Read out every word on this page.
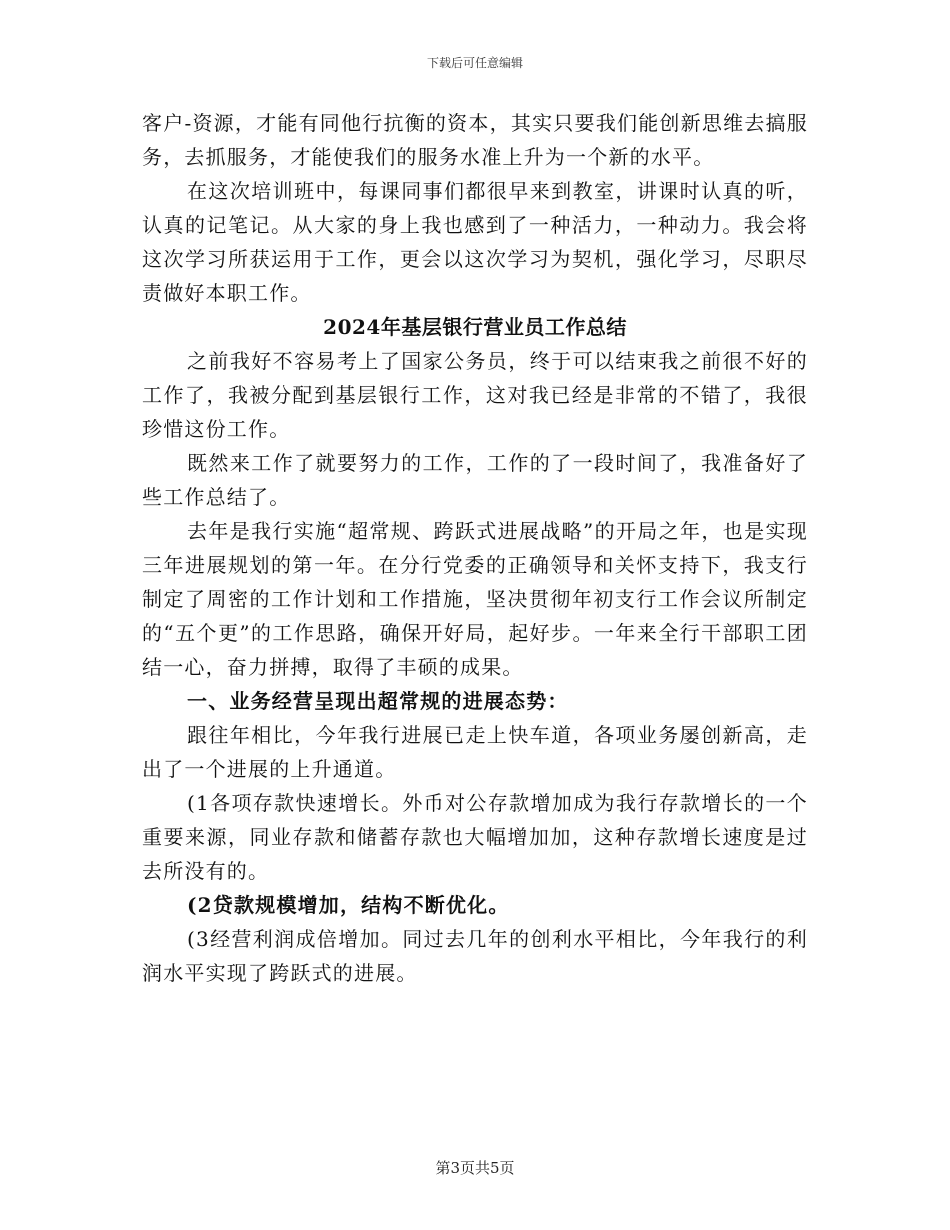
下载后可任意编辑

客户-资源，才能有同他行抗衡的资本，其实只要我们能创新思维去搞服务，去抓服务，才能使我们的服务水准上升为一个新的水平。

在这次培训班中，每课同事们都很早来到教室，讲课时认真的听，认真的记笔记。从大家的身上我也感到了一种活力，一种动力。我会将这次学习所获运用于工作，更会以这次学习为契机，强化学习，尽职尽责做好本职工作。

2024年基层银行营业员工作总结

之前我好不容易考上了国家公务员，终于可以结束我之前很不好的工作了，我被分配到基层银行工作，这对我已经是非常的不错了，我很珍惜这份工作。

既然来工作了就要努力的工作，工作的了一段时间了，我准备好了些工作总结了。

去年是我行实施“超常规、跨跃式进展战略”的开局之年，也是实现三年进展规划的第一年。在分行党委的正确领导和关怀支持下，我支行制定了周密的工作计划和工作措施，坚决贯彻年初支行工作会议所制定的“五个更”的工作思路，确保开好局，起好步。一年来全行干部职工团结一心，奋力拼搏，取得了丰硕的成果。

一、业务经营呈现出超常规的进展态势：

跟往年相比，今年我行进展已走上快车道，各项业务屡创新高，走出了一个进展的上升通道。

(1各项存款快速增长。外币对公存款增加成为我行存款增长的一个重要来源，同业存款和储蓄存款也大幅增加加，这种存款增长速度是过去所没有的。

(2贷款规模增加，结构不断优化。

(3经营利润成倍增加。同过去几年的创利水平相比，今年我行的利润水平实现了跨跃式的进展。

第3页共5页
